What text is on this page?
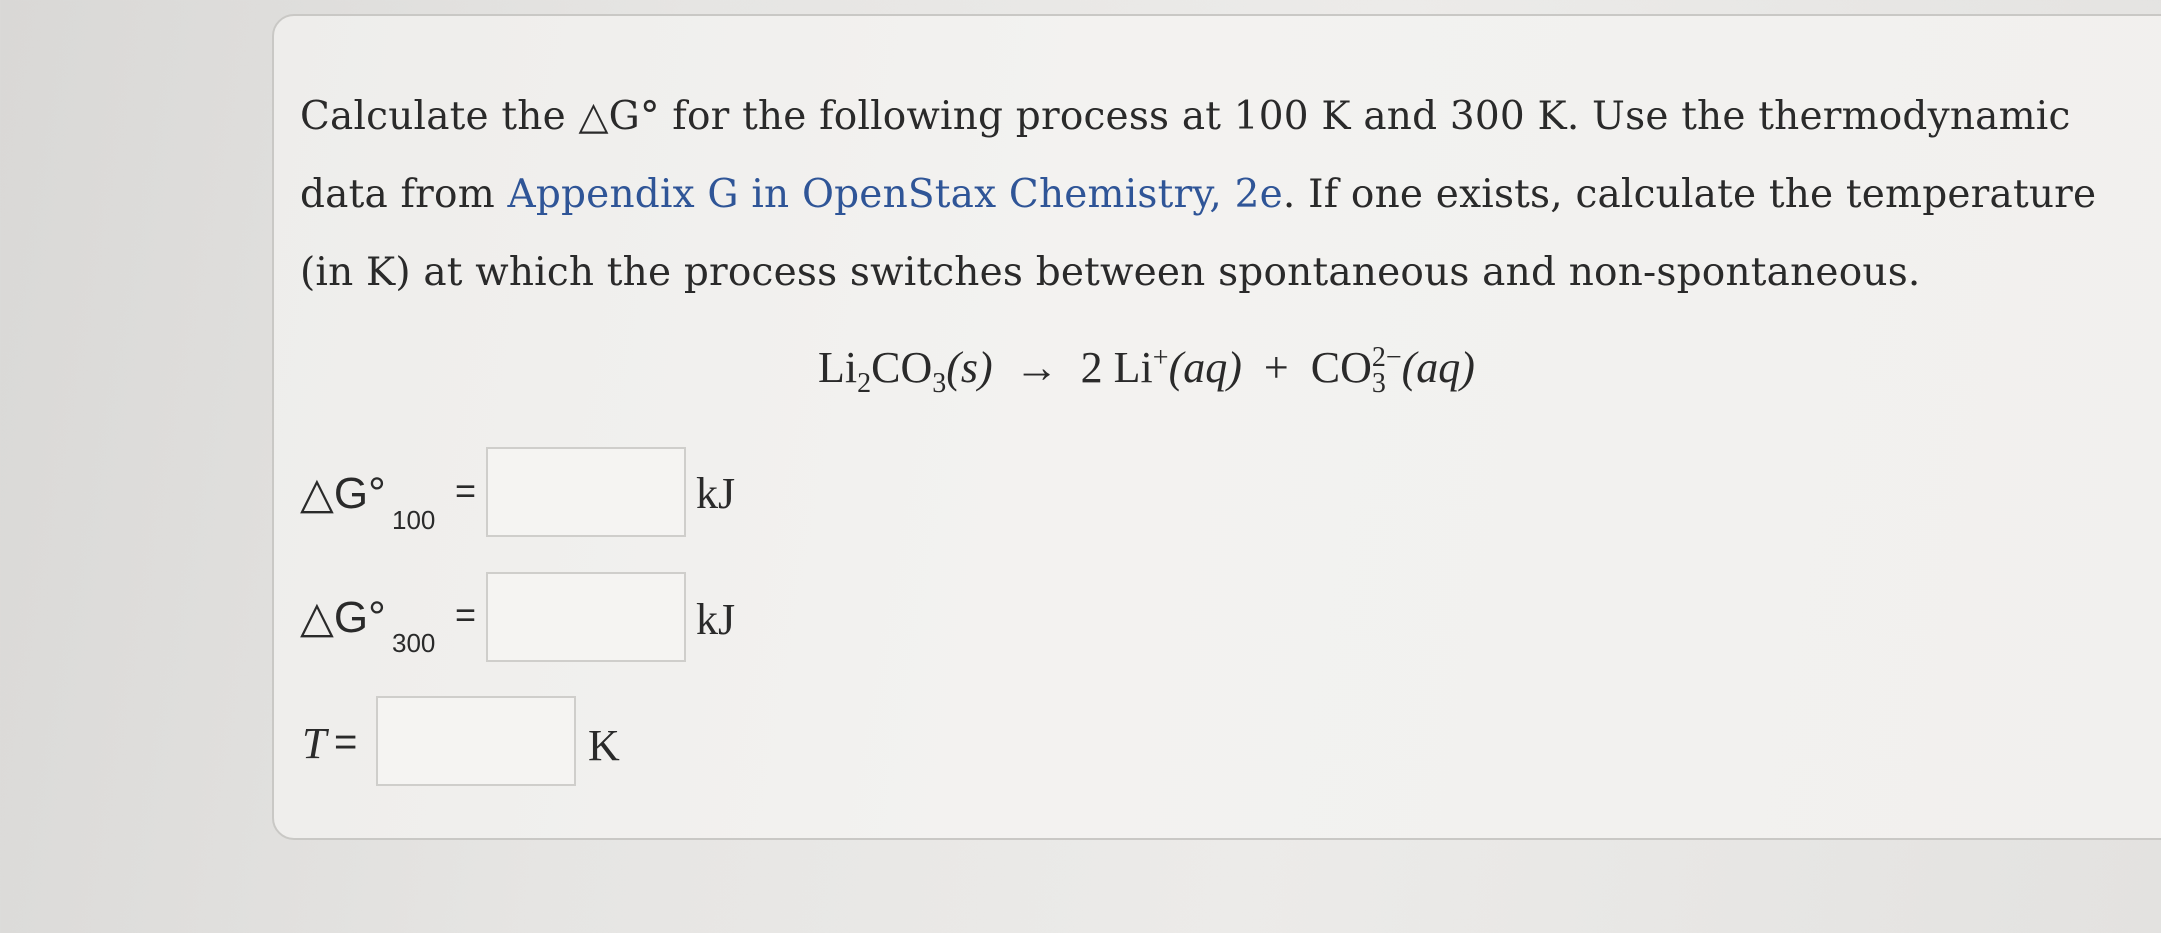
Calculate the △G° for the following process at 100 K and 300 K. Use the thermodynamic data from Appendix G in OpenStax Chemistry, 2e. If one exists, calculate the temperature (in K) at which the process switches between spontaneous and non-spontaneous.
$Li_2CO_3(s) \to 2$ $Li^+(aq) + CO_3^{2-}(aq)$
△G°
100
=	kJ
△G°
300
=	kJ
T =	K
